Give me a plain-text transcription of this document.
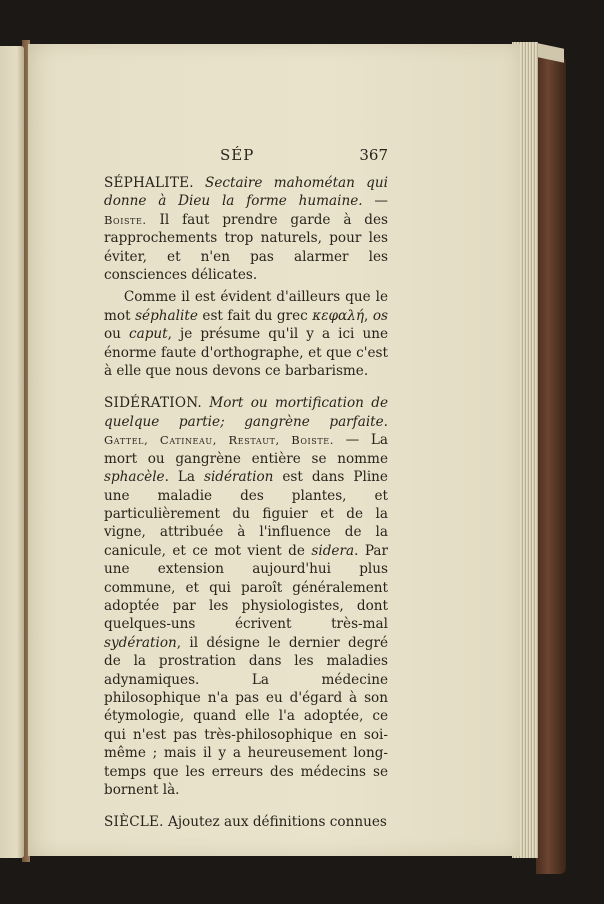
SÉP	367

SÉPHALITE. Sectaire mahométan qui donne à Dieu la forme humaine. — Boiste. Il faut prendre garde à des rapprochements trop naturels, pour les éviter, et n'en pas alarmer les consciences délicates.

Comme il est évident d'ailleurs que le mot séphalite est fait du grec κεφαλή, os ou caput, je présume qu'il y a ici une énorme faute d'orthographe, et que c'est à elle que nous devons ce barbarisme.

SIDÉRATION. Mort ou mortification de quelque partie; gangrène parfaite. Gattel, Catineau, Restaut, Boiste. — La mort ou gangrène entière se nomme sphacèle. La sidération est dans Pline une maladie des plantes, et particulièrement du figuier et de la vigne, attribuée à l'influence de la canicule, et ce mot vient de sidera. Par une extension aujourd'hui plus commune, et qui paroît généralement adoptée par les physiologistes, dont quelques-uns écrivent très-mal sydération, il désigne le dernier degré de la prostration dans les maladies adynamiques. La médecine philosophique n'a pas eu d'égard à son étymologie, quand elle l'a adoptée, ce qui n'est pas très-philosophique en soi-même ; mais il y a heureusement long-temps que les erreurs des médecins se bornent là.

SIÈCLE. Ajoutez aux définitions connues
